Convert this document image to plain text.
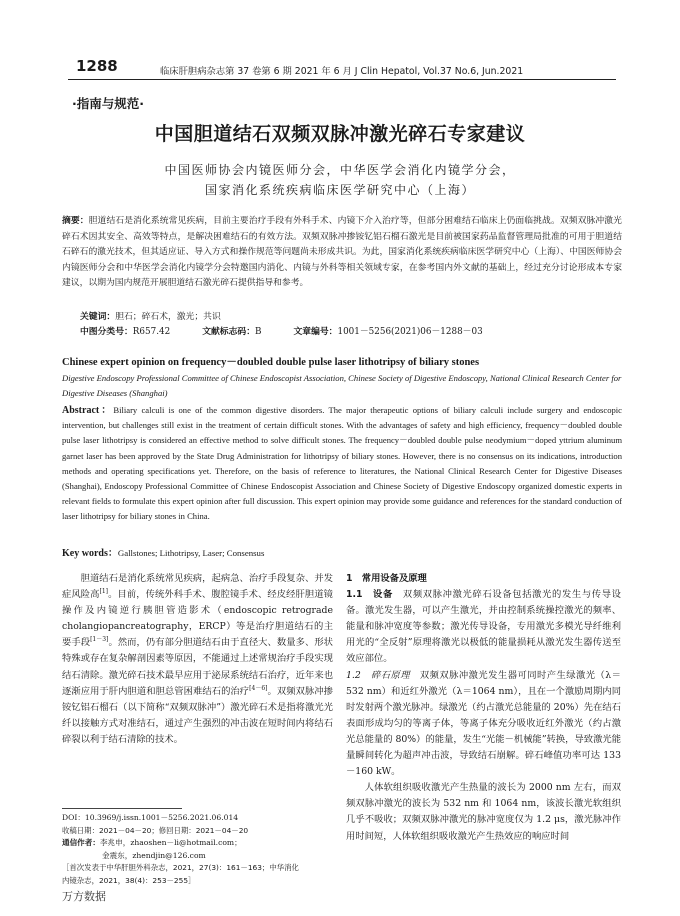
1288	临床肝胆病杂志第 37 卷第 6 期 2021 年 6 月 J Clin Hepatol, Vol.37 No.6, Jun.2021
·指南与规范·
中国胆道结石双频双脉冲激光碎石专家建议
中国医师协会内镜医师分会，中华医学会消化内镜学分会，
国家消化系统疾病临床医学研究中心（上海）
摘要：胆道结石是消化系统常见疾病，目前主要治疗手段有外科手术、内镜下介入治疗等，但部分困难结石临床上仍面临挑战。双频双脉冲激光碎石术因其安全、高效等特点，是解决困难结石的有效方法。双频双脉冲掺铵钇铝石榴石激光是目前被国家药品监督管理局批准的可用于胆道结石碎石的激光技术，但其适应证、导入方式和操作规范等问题尚未形成共识。为此，国家消化系统疾病临床医学研究中心（上海）、中国医师协会内镜医师分会和中华医学会消化内镜学分会特邀国内消化、内镜与外科等相关领域专家，在参考国内外文献的基础上，经过充分讨论形成本专家建议，以期为国内规范开展胆道结石激光碎石提供指导和参考。
关键词：胆石；碎石术，激光；共识
中图分类号：R657.42	文献标志码：B	文章编号：1001－5256(2021)06－1288－03
Chinese expert opinion on frequency－doubled double pulse laser lithotripsy of biliary stones
Digestive Endoscopy Professional Committee of Chinese Endoscopist Association, Chinese Society of Digestive Endoscopy, National Clinical Research Center for Digestive Diseases (Shanghai)
Abstract：Biliary calculi is one of the common digestive disorders. The major therapeutic options of biliary calculi include surgery and endoscopic intervention, but challenges still exist in the treatment of certain difficult stones. With the advantages of safety and high efficiency, frequency－doubled double pulse laser lithotripsy is considered an effective method to solve difficult stones. The frequency－doubled double pulse neodymium－doped yttrium aluminum garnet laser has been approved by the State Drug Administration for lithotripsy of biliary stones. However, there is no consensus on its indications, introduction methods and operating specifications yet. Therefore, on the basis of reference to literatures, the National Clinical Research Center for Digestive Diseases (Shanghai), Endoscopy Professional Committee of Chinese Endoscopist Association and Chinese Society of Digestive Endoscopy organized domestic experts in relevant fields to formulate this expert opinion after full discussion. This expert opinion may provide some guidance and references for the standard conduction of laser lithotripsy for biliary stones in China.
Key words：Gallstones; Lithotripsy, Laser; Consensus

胆道结石是消化系统常见疾病，起病急、治疗手段复杂、并发症风险高[1]。目前，传统外科手术、腹腔镜手术、经皮经肝胆道镜操作及内镜逆行胰胆管造影术（endoscopic retrograde cholangiopancreatography，ERCP）等是治疗胆道结石的主要手段[1－3]。然而，仍有部分胆道结石由于直径大、数量多、形状特殊或存在复杂解剖因素等原因，不能通过上述常规治疗手段实现结石清除。激光碎石技术最早应用于泌尿系统结石治疗，近年来也逐渐应用于肝内胆道和胆总管困难结石的治疗[4－6]。双频双脉冲掺铵钇铝石榴石（以下简称“双频双脉冲”）激光碎石术是指将激光光纤以接触方式对准结石，通过产生强烈的冲击波在短时间内将结石碎裂以利于结石清除的技术。

DOI：10.3969/j.issn.1001－5256.2021.06.014
收稿日期：2021－04－20；修回日期：2021－04－20
通信作者：李兆申，zhaoshen－li@hotmail.com；
金震东，zhendjin@126.com
［首次发表于中华肝胆外科杂志，2021，27(3)：161－163；中华消化
内镜杂志，2021，38(4)：253－255］
1　常用设备及原理
1.1　设备　 双频双脉冲激光碎石设备包括激光的发生与传导设备。激光发生器，可以产生激光，并由控制系统操控激光的频率、能量和脉冲宽度等参数；激光传导设备，专用激光多模光导纤维利用光的“全反射”原理将激光以极低的能量损耗从激光发生器传送至效应部位。
1.2　碎石原理　 双频双脉冲激光发生器可同时产生绿激光（λ＝532 nm）和近红外激光（λ＝1064 nm），且在一个激励周期内同时发射两个激光脉冲。绿激光（约占激光总能量的 20%）先在结石表面形成均匀的等离子体，等离子体充分吸收近红外激光（约占激光总能量的 80%）的能量，发生“光能－机械能”转换，导致激光能量瞬间转化为超声冲击波，导致结石崩解。碎石峰值功率可达 133－160 kW。

人体软组织吸收激光产生热量的波长为 2000 nm 左右，而双频双脉冲激光的波长为 532 nm 和 1064 nm，该波长激光软组织几乎不吸收；双频双脉冲激光的脉冲宽度仅为 1.2 μs，激光脉冲作用时间短，人体软组织吸收激光产生热效应的响应时间

万方数据
